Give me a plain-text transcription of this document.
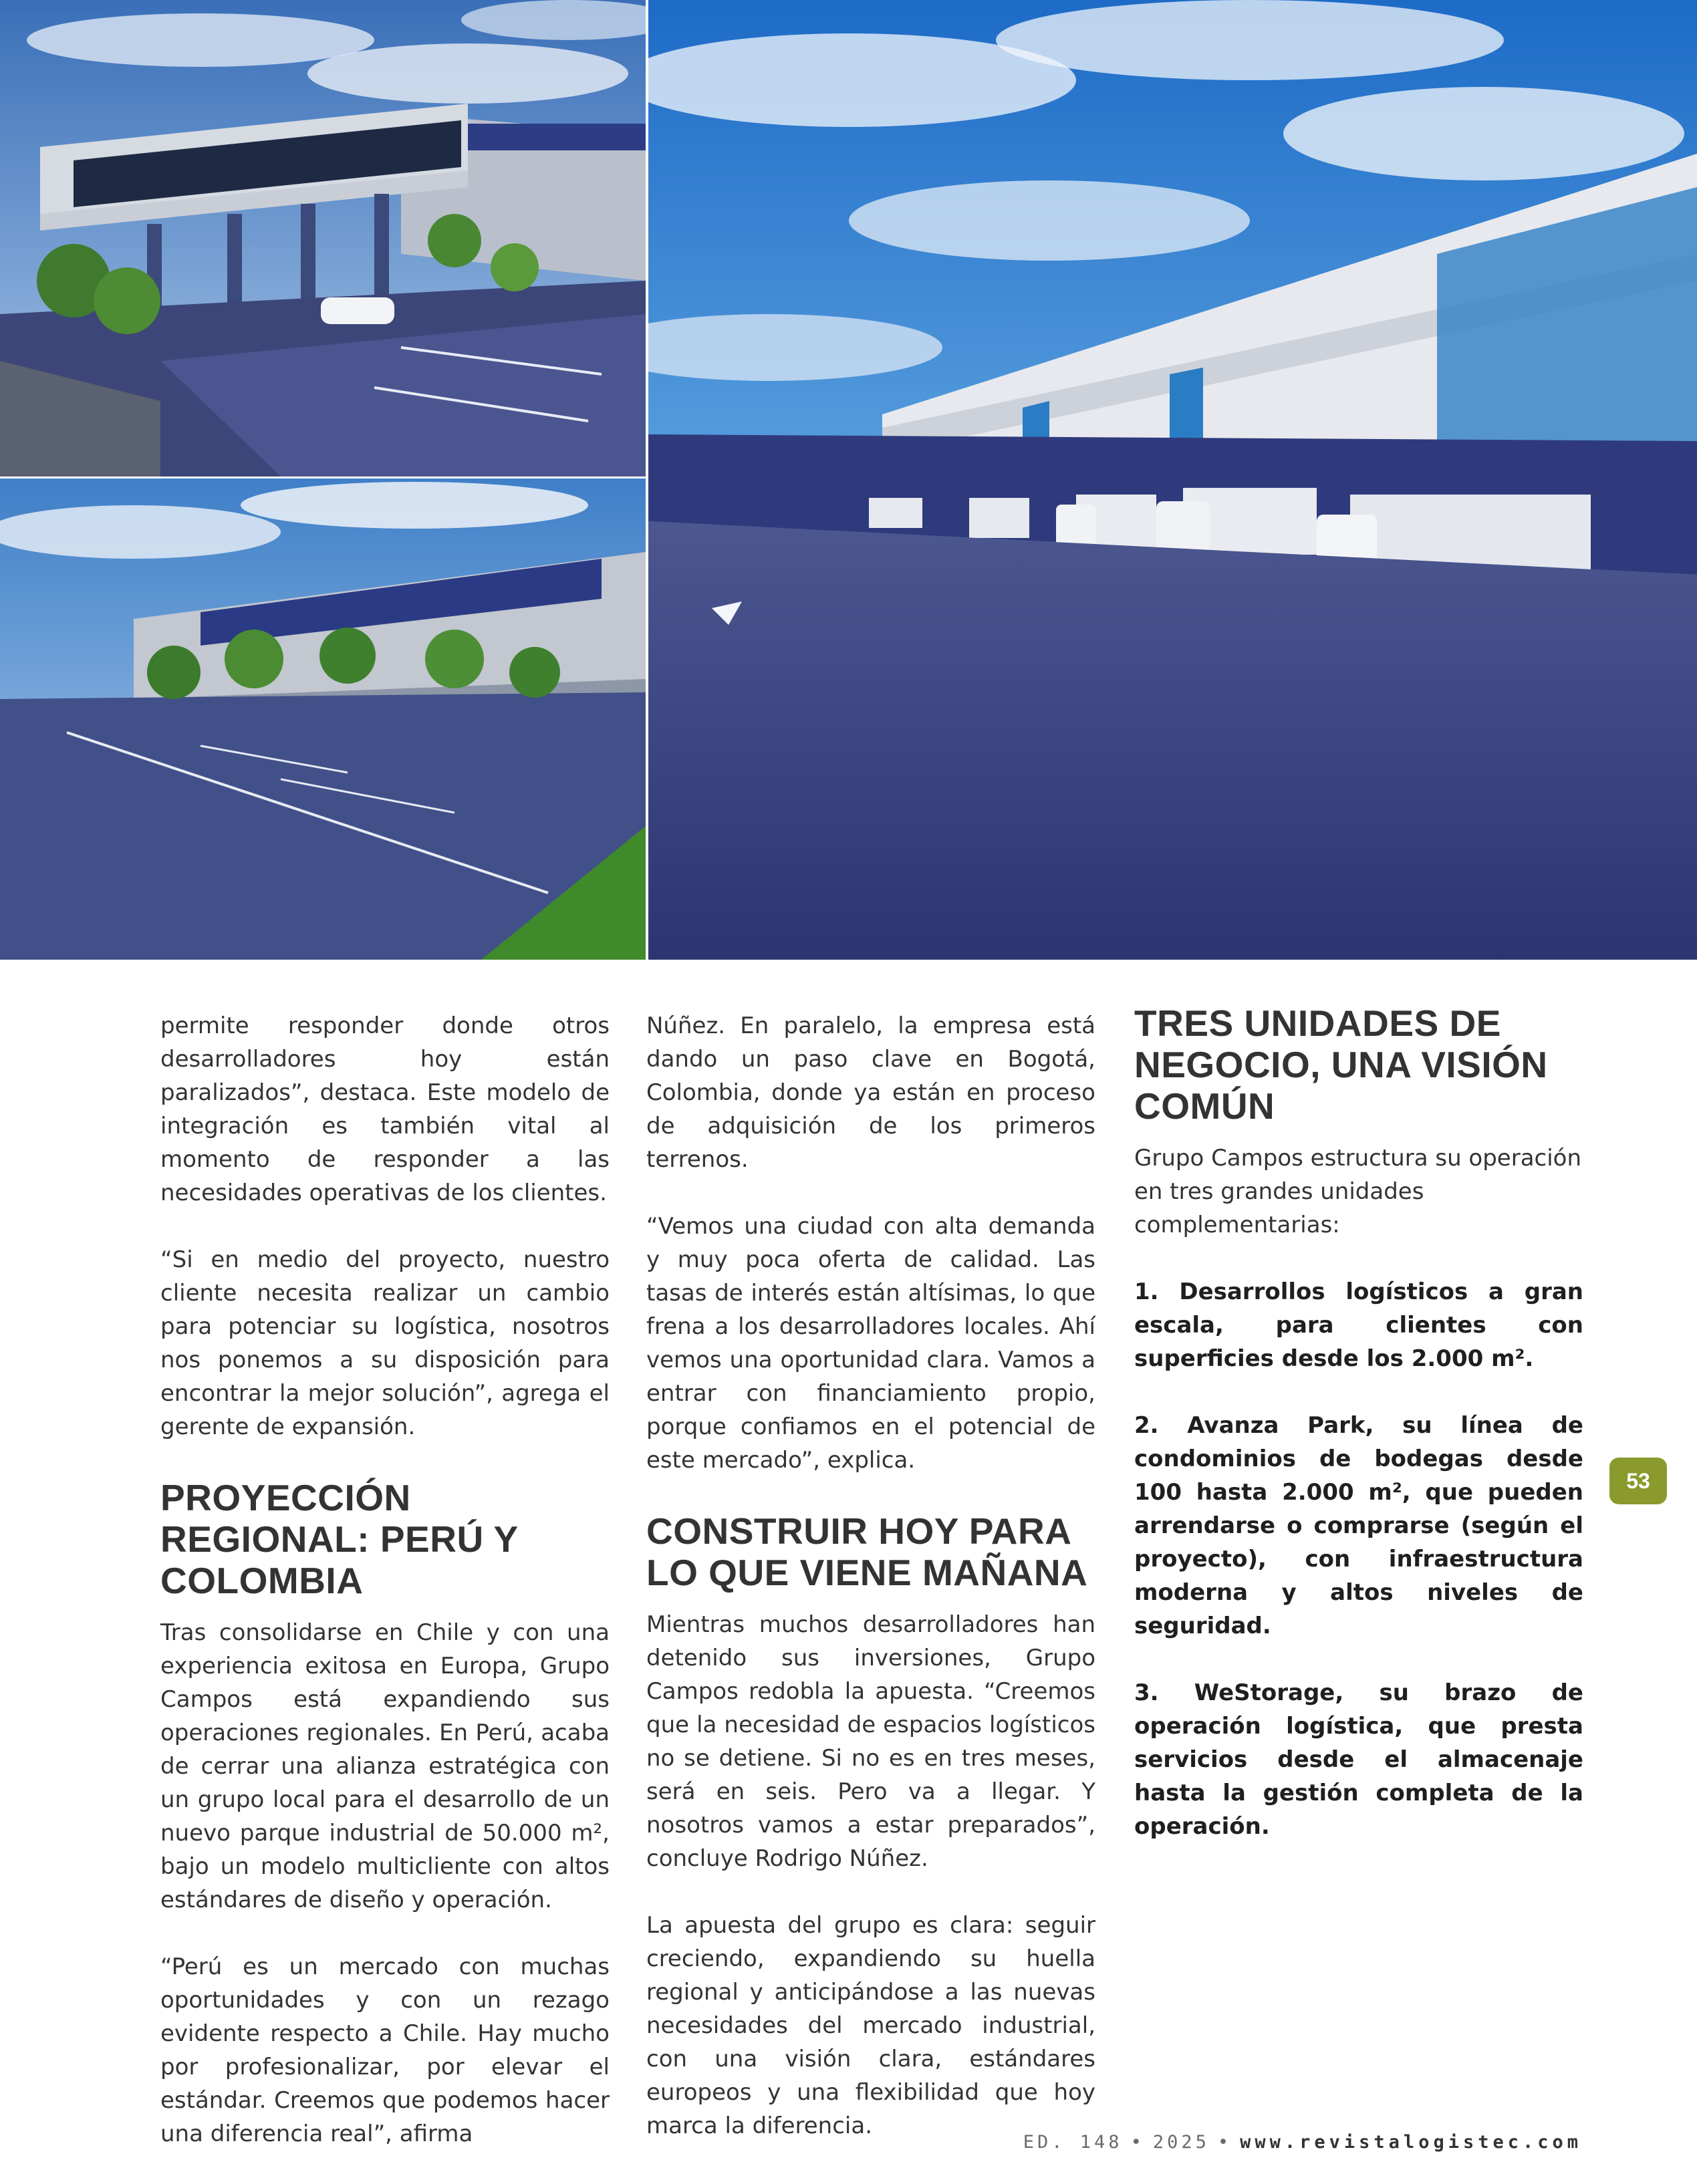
permite responder donde otros desarrolladores hoy están paralizados”, destaca. Este modelo de integración es también vital al momento de responder a las necesidades operativas de los clientes.

“Si en medio del proyecto, nuestro cliente necesita realizar un cambio para potenciar su logística, nosotros nos ponemos a su disposición para encontrar la mejor solución”, agrega el gerente de expansión.

PROYECCIÓN REGIONAL: PERÚ Y COLOMBIA

Tras consolidarse en Chile y con una experiencia exitosa en Europa, Grupo Campos está expandiendo sus operaciones regionales. En Perú, acaba de cerrar una alianza estratégica con un grupo local para el desarrollo de un nuevo parque industrial de 50.000 m², bajo un modelo multicliente con altos estándares de diseño y operación.

“Perú es un mercado con muchas oportunidades y con un rezago evidente respecto a Chile. Hay mucho por profesionalizar, por elevar el estándar. Creemos que podemos hacer una diferencia real”, afirma

Núñez. En paralelo, la empresa está dando un paso clave en Bogotá, Colombia, donde ya están en proceso de adquisición de los primeros terrenos.

“Vemos una ciudad con alta demanda y muy poca oferta de calidad. Las tasas de interés están altísimas, lo que frena a los desarrolladores locales. Ahí vemos una oportunidad clara. Vamos a entrar con financiamiento propio, porque confiamos en el potencial de este mercado”, explica.

CONSTRUIR HOY PARA LO QUE VIENE MAÑANA

Mientras muchos desarrolladores han detenido sus inversiones, Grupo Campos redobla la apuesta. “Creemos que la necesidad de espacios logísticos no se detiene. Si no es en tres meses, será en seis. Pero va a llegar. Y nosotros vamos a estar preparados”, concluye Rodrigo Núñez.

La apuesta del grupo es clara: seguir creciendo, expandiendo su huella regional y anticipándose a las nuevas necesidades del mercado industrial, con una visión clara, estándares europeos y una flexibilidad que hoy marca la diferencia.

TRES UNIDADES DE NEGOCIO, UNA VISIÓN COMÚN

Grupo Campos estructura su operación en tres grandes unidades complementarias:

1. Desarrollos logísticos a gran escala, para clientes con superficies desde los 2.000 m².

2. Avanza Park, su línea de condominios de bodegas desde 100 hasta 2.000 m², que pueden arrendarse o comprarse (según el proyecto), con infraestructura moderna y altos niveles de seguridad.

3. WeStorage, su brazo de operación logística, que presta servicios desde el almacenaje hasta la gestión completa de la operación.

53
ED. 148 • 2025 • www.revistalogistec.com
